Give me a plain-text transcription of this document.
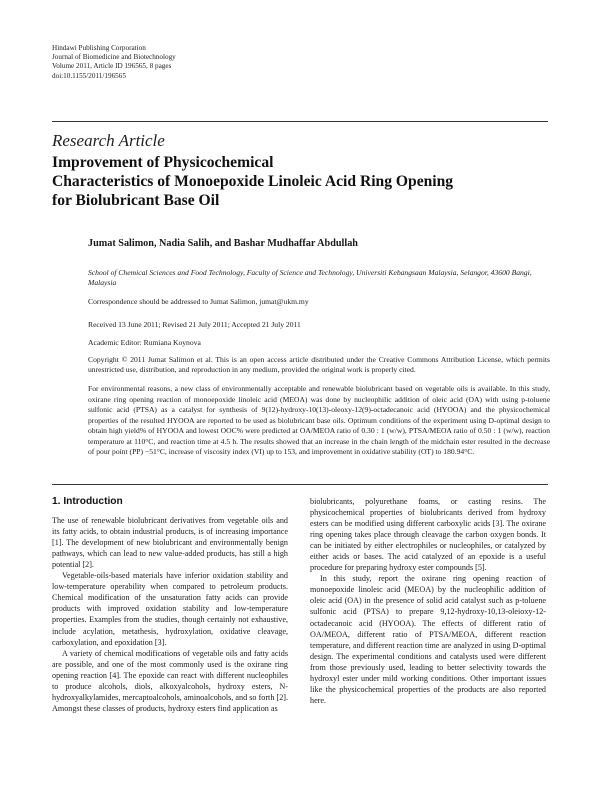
Hindawi Publishing Corporation
Journal of Biomedicine and Biotechnology
Volume 2011, Article ID 196565, 8 pages
doi:10.1155/2011/196565
Research Article
Improvement of Physicochemical
Characteristics of Monoepoxide Linoleic Acid Ring Opening
for Biolubricant Base Oil
Jumat Salimon, Nadia Salih, and Bashar Mudhaffar Abdullah
School of Chemical Sciences and Food Technology, Faculty of Science and Technology, Universiti Kebangsaan Malaysia, Selangor, 43600 Bangi, Malaysia
Correspondence should be addressed to Jumat Salimon, jumat@ukm.my
Received 13 June 2011; Revised 21 July 2011; Accepted 21 July 2011
Academic Editor: Rumiana Koynova
Copyright © 2011 Jumat Salimon et al. This is an open access article distributed under the Creative Commons Attribution License, which permits unrestricted use, distribution, and reproduction in any medium, provided the original work is properly cited.
For environmental reasons, a new class of environmentally acceptable and renewable biolubricant based on vegetable oils is available. In this study, oxirane ring opening reaction of monoepoxide linoleic acid (MEOA) was done by nucleophilic addition of oleic acid (OA) with using p-toluene sulfonic acid (PTSA) as a catalyst for synthesis of 9(12)-hydroxy-10(13)-oleoxy-12(9)-octadecanoic acid (HYOOA) and the physicochemical properties of the resulted HYOOA are reported to be used as biolubricant base oils. Optimum conditions of the experiment using D-optimal design to obtain high yield% of HYOOA and lowest OOC% were predicted at OA/MEOA ratio of 0.30 : 1 (w/w), PTSA/MEOA ratio of 0.50 : 1 (w/w), reaction temperature at 110°C, and reaction time at 4.5 h. The results showed that an increase in the chain length of the midchain ester resulted in the decrease of pour point (PP) −51°C, increase of viscosity index (VI) up to 153, and improvement in oxidative stability (OT) to 180.94°C.
1. Introduction

The use of renewable biolubricant derivatives from vegetable oils and its fatty acids, to obtain industrial products, is of increasing importance [1]. The development of new biolubricant and environmentally benign pathways, which can lead to new value-added products, has still a high potential [2].

Vegetable-oils-based materials have inferior oxidation stability and low-temperature operability when compared to petroleum products. Chemical modification of the unsaturation fatty acids can provide products with improved oxidation stability and low-temperature properties. Examples from the studies, though certainly not exhaustive, include acylation, metathesis, hydroxylation, oxidative cleavage, carboxylation, and epoxidation [3].

A variety of chemical modifications of vegetable oils and fatty acids are possible, and one of the most commonly used is the oxirane ring opening reaction [4]. The epoxide can react with different nucleophiles to produce alcohols, diols, alkoxyalcohols, hydroxy esters, N-hydroxyalkylamides, mercaptoalcohols, aminoalcohols, and so forth [2]. Amongst these classes of products, hydroxy esters find application as

biolubricants, polyurethane foams, or casting resins. The physicochemical properties of biolubricants derived from hydroxy esters can be modified using different carboxylic acids [3]. The oxirane ring opening takes place through cleavage the carbon oxygen bonds. It can be initiated by either electrophiles or nucleophiles, or catalyzed by either acids or bases. The acid catalyzed of an epoxide is a useful procedure for preparing hydroxy ester compounds [5].

In this study, report the oxirane ring opening reaction of monoepoxide linoleic acid (MEOA) by the nucleophilic addition of oleic acid (OA) in the presence of solid acid catalyst such as p-toluene sulfonic acid (PTSA) to prepare 9,12-hydroxy-10,13-oleioxy-12-octadecanoic acid (HYOOA). The effects of different ratio of OA/MEOA, different ratio of PTSA/MEOA, different reaction temperature, and different reaction time are analyzed in using D-optimal design. The experimental conditions and catalysts used were different from those previously used, leading to better selectivity towards the hydroxyl ester under mild working conditions. Other important issues like the physicochemical properties of the products are also reported here.
